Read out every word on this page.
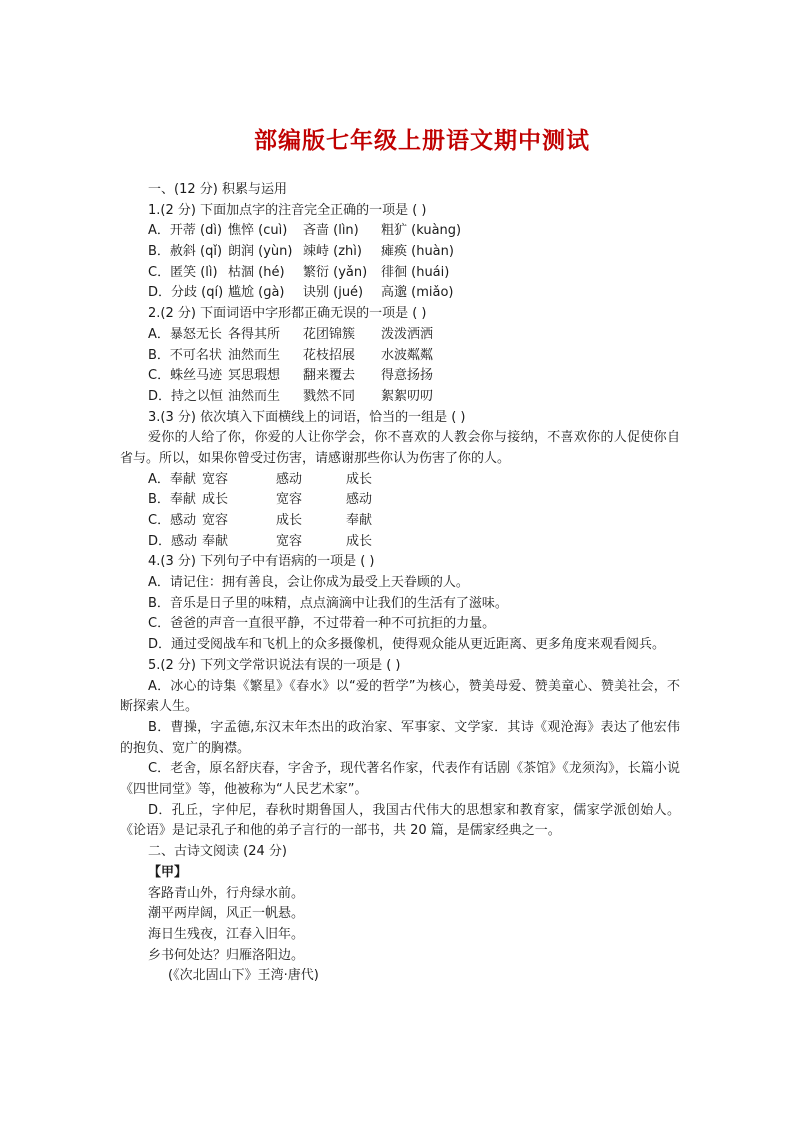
部编版七年级上册语文期中测试
一、(12 分) 积累与运用
1.(2 分) 下面加点字的注音完全正确的一项是 ( )
A．开蒂 (dì) 憔悴 (cuì) 吝啬 (lìn) 粗犷 (kuàng)
B．赦斜 (qǐ) 朗润 (yùn) 竦峙 (zhì) 瘫痪 (huàn)
C．匿笑 (lì) 枯涸 (hé) 繁衍 (yǎn) 徘徊 (huái)
D．分歧 (qí) 尴尬 (ɡà) 诀别 (jué) 高邈 (miǎo)
2.(2 分) 下面词语中字形都正确无误的一项是 ( )
A．暴怒无长 各得其所 花团锦簇 泼泼洒洒
B．不可名状 油然而生 花枝招展 水波粼粼
C．蛛丝马迹 冥思瑕想 翻来覆去 得意扬扬
D．持之以恒 油然而生 戮然不同 絮絮叨叨
3.(3 分) 依次填入下面横线上的词语，恰当的一组是 ( )
爱你的人给了你，你爱的人让你学会，你不喜欢的人教会你与接纳，不喜欢你的人促使你自省与。所以，如果你曾受过伤害，请感谢那些你认为伤害了你的人。
A．奉献 宽容	感动	成长
B．奉献 成长	宽容	感动
C．感动 宽容	成长	奉献
D．感动 奉献	宽容	成长
4.(3 分) 下列句子中有语病的一项是 ( )
A．请记住：拥有善良，会让你成为最受上天眷顾的人。
B．音乐是日子里的味精，点点滴滴中让我们的生活有了滋味。
C．爸爸的声音一直很平静，不过带着一种不可抗拒的力量。
D．通过受阅战车和飞机上的众多摄像机，使得观众能从更近距离、更多角度来观看阅兵。
5.(2 分) 下列文学常识说法有误的一项是 ( )
A．冰心的诗集《繁星》《春水》以“爱的哲学”为核心，赞美母爱、赞美童心、赞美社会，不断探索人生。
B．曹操，字孟德,东汉末年杰出的政治家、军事家、文学家．其诗《观沧海》表达了他宏伟的抱负、宽广的胸襟。
C．老舍，原名舒庆春，字舍予，现代著名作家，代表作有话剧《茶馆》《龙须沟》，长篇小说《四世同堂》等，他被称为“人民艺术家”。
D．孔丘，字仲尼，春秋时期鲁国人，我国古代伟大的思想家和教育家，儒家学派创始人。《论语》是记录孔子和他的弟子言行的一部书，共 20 篇，是儒家经典之一。
二、古诗文阅读 (24 分)
【甲】
客路青山外，行舟绿水前。
潮平两岸阔，风正一帆悬。
海日生残夜，江春入旧年。
乡书何处达？归雁洛阳边。
(《次北固山下》王湾·唐代)
